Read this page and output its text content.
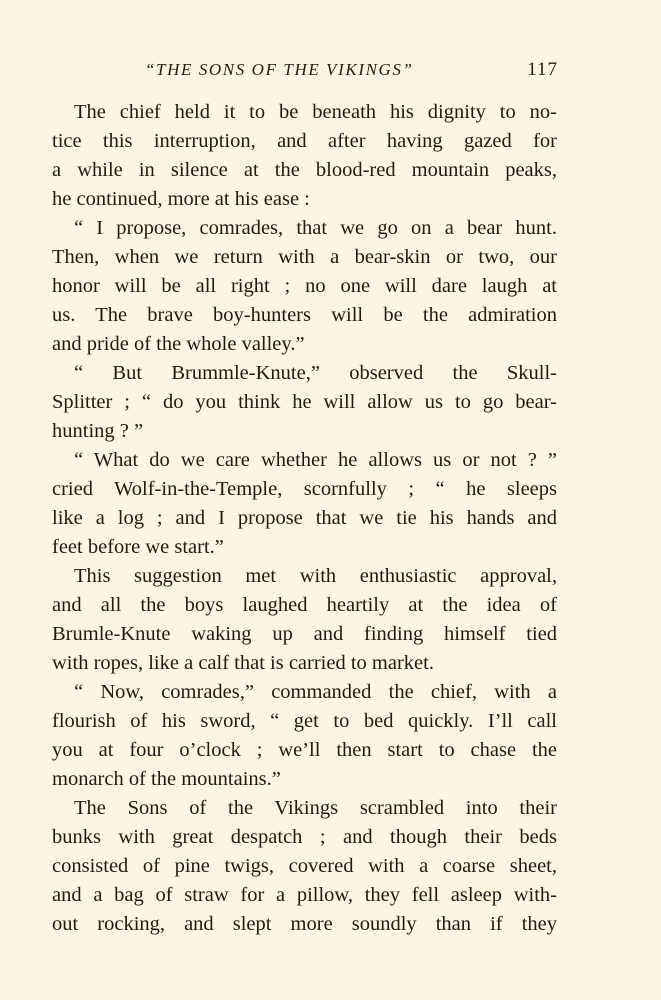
“THE SONS OF THE VIKINGS”	117
The chief held it to be beneath his dignity to no-
tice this interruption, and after having gazed for
a while in silence at the blood-red mountain peaks,
he continued, more at his ease :
“ I propose, comrades, that we go on a bear hunt.
Then, when we return with a bear-skin or two, our
honor will be all right ; no one will dare laugh at
us. The brave boy-hunters will be the admiration
and pride of the whole valley.”
“ But Brummle-Knute,” observed the Skull-
Splitter ; “ do you think he will allow us to go bear-
hunting ? ”
“ What do we care whether he allows us or not ? ”
cried Wolf-in-the-Temple, scornfully ; “ he sleeps
like a log ; and I propose that we tie his hands and
feet before we start.”
This suggestion met with enthusiastic approval,
and all the boys laughed heartily at the idea of
Brumle-Knute waking up and finding himself tied
with ropes, like a calf that is carried to market.
“ Now, comrades,” commanded the chief, with a
flourish of his sword, “ get to bed quickly. I’ll call
you at four o’clock ; we’ll then start to chase the
monarch of the mountains.”
The Sons of the Vikings scrambled into their
bunks with great despatch ; and though their beds
consisted of pine twigs, covered with a coarse sheet,
and a bag of straw for a pillow, they fell asleep with-
out rocking, and slept more soundly than if they
